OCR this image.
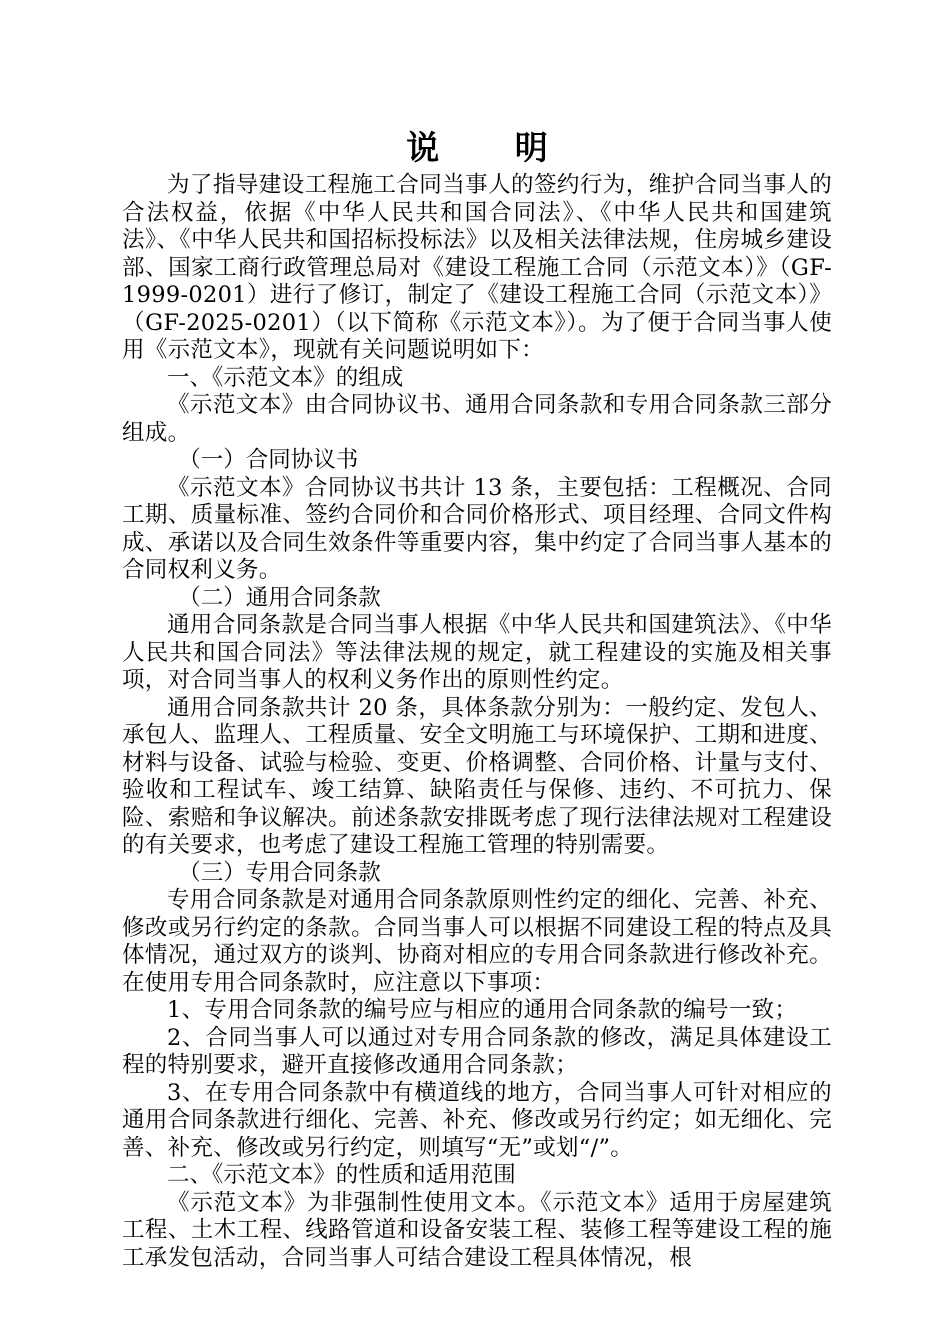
说 明

为了指导建设工程施工合同当事人的签约行为，维护合同当事人的合法权益，依据《中华人民共和国合同法》、《中华人民共和国建筑法》、《中华人民共和国招标投标法》以及相关法律法规，住房城乡建设部、国家工商行政管理总局对《建设工程施工合同（示范文本）》（GF-1999-0201）进行了修订，制定了《建设工程施工合同（示范文本）》（GF-2025-0201）（以下简称《示范文本》）。为了便于合同当事人使用《示范文本》，现就有关问题说明如下：

一、《示范文本》的组成

《示范文本》由合同协议书、通用合同条款和专用合同条款三部分组成。

（一）合同协议书

《示范文本》合同协议书共计 13 条，主要包括：工程概况、合同工期、质量标准、签约合同价和合同价格形式、项目经理、合同文件构成、承诺以及合同生效条件等重要内容，集中约定了合同当事人基本的合同权利义务。

（二）通用合同条款

通用合同条款是合同当事人根据《中华人民共和国建筑法》、《中华人民共和国合同法》等法律法规的规定，就工程建设的实施及相关事项，对合同当事人的权利义务作出的原则性约定。

通用合同条款共计 20 条，具体条款分别为：一般约定、发包人、承包人、监理人、工程质量、安全文明施工与环境保护、工期和进度、材料与设备、试验与检验、变更、价格调整、合同价格、计量与支付、验收和工程试车、竣工结算、缺陷责任与保修、违约、不可抗力、保险、索赔和争议解决。前述条款安排既考虑了现行法律法规对工程建设的有关要求，也考虑了建设工程施工管理的特别需要。

（三）专用合同条款

专用合同条款是对通用合同条款原则性约定的细化、完善、补充、修改或另行约定的条款。合同当事人可以根据不同建设工程的特点及具体情况，通过双方的谈判、协商对相应的专用合同条款进行修改补充。在使用专用合同条款时，应注意以下事项：

1、专用合同条款的编号应与相应的通用合同条款的编号一致；

2、合同当事人可以通过对专用合同条款的修改，满足具体建设工程的特别要求，避开直接修改通用合同条款；

3、在专用合同条款中有横道线的地方，合同当事人可针对相应的通用合同条款进行细化、完善、补充、修改或另行约定；如无细化、完善、补充、修改或另行约定，则填写“无”或划“/”。

二、《示范文本》的性质和适用范围

《示范文本》为非强制性使用文本。《示范文本》适用于房屋建筑工程、土木工程、线路管道和设备安装工程、装修工程等建设工程的施工承发包活动，合同当事人可结合建设工程具体情况，根
